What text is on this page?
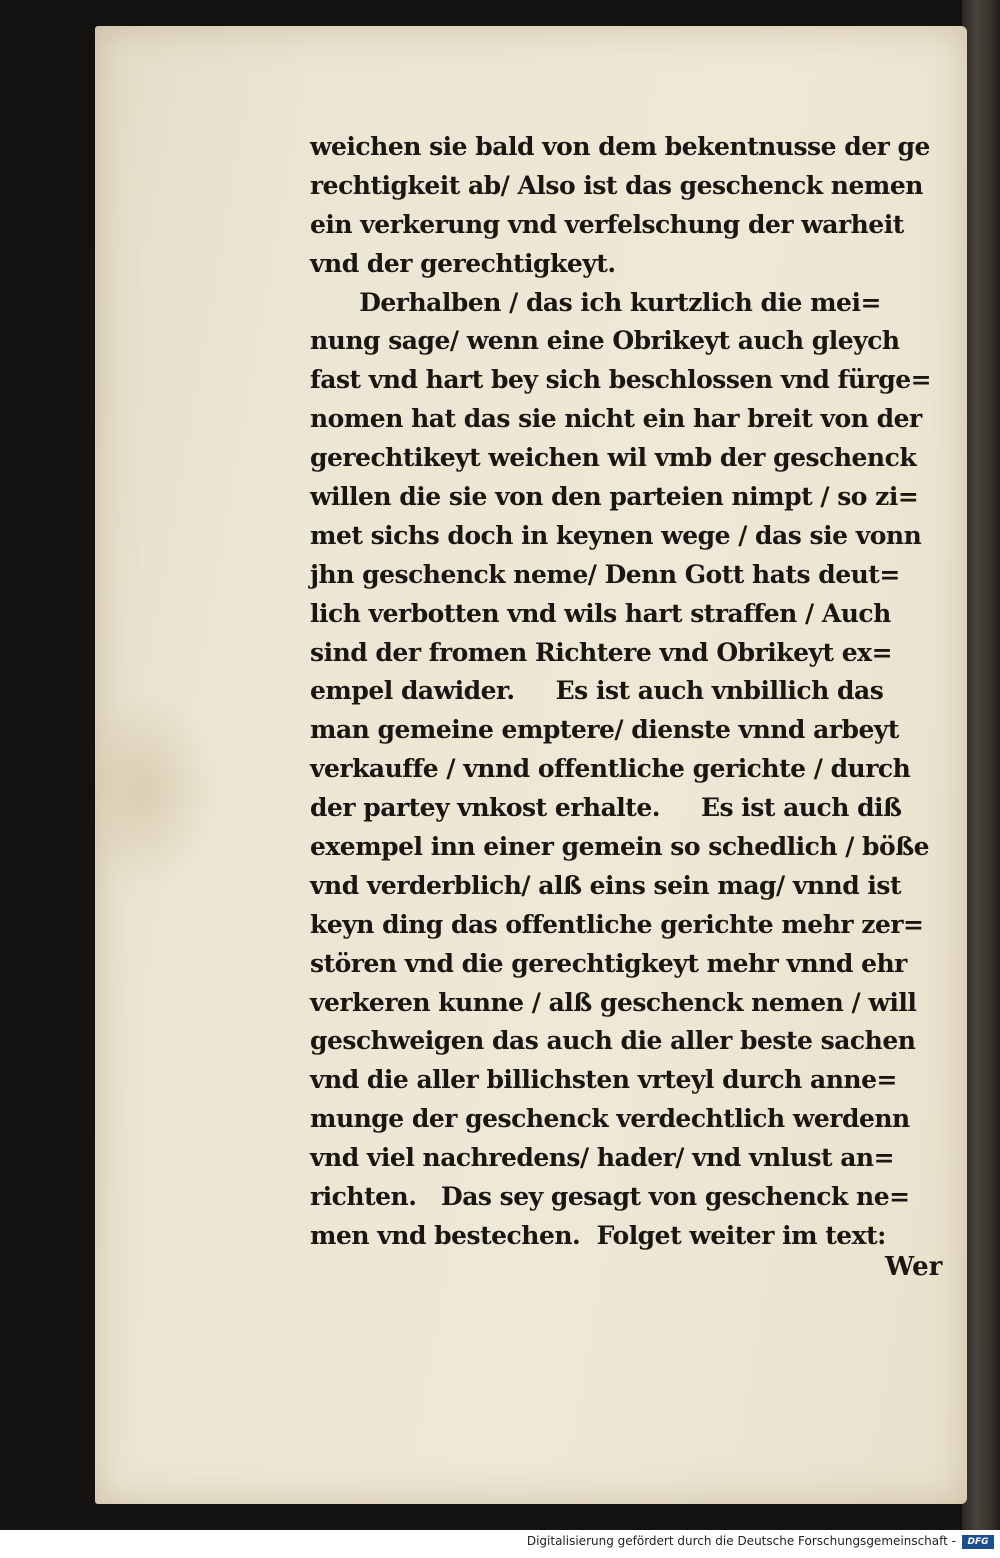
weichen sie bald von dem bekentnusse der ge
rechtigkeit ab/ Also ist das geschenck nemen
ein verkerung vnd verfelschung der warheit
vnd der gerechtigkeyt.
Derhalben / das ich kurtzlich die mei=
nung sage/ wenn eine Obrikeyt auch gleych
fast vnd hart bey sich beschlossen vnd fürge=
nomen hat das sie nicht ein har breit von der
gerechtikeyt weichen wil vmb der geschenck
willen die sie von den parteien nimpt / so zi=
met sichs doch in keynen wege / das sie vonn
jhn geschenck neme/ Denn Gott hats deut=
lich verbotten vnd wils hart straffen / Auch
sind der fromen Richtere vnd Obrikeyt ex=
empel dawider.     Es ist auch vnbillich das
man gemeine emptere/ dienste vnnd arbeyt
verkauffe / vnnd offentliche gerichte / durch
der partey vnkost erhalte.     Es ist auch diß
exempel inn einer gemein so schedlich / böße
vnd verderblich/ alß eins sein mag/ vnnd ist
keyn ding das offentliche gerichte mehr zer=
stören vnd die gerechtigkeyt mehr vnnd ehr
verkeren kunne / alß geschenck nemen / will
geschweigen das auch die aller beste sachen
vnd die aller billichsten vrteyl durch anne=
munge der geschenck verdechtlich werdenn
vnd viel nachredens/ hader/ vnd vnlust an=
richten.   Das sey gesagt von geschenck ne=
men vnd bestechen.  Folget weiter im text:
Wer
Digitalisierung gefördert durch die Deutsche Forschungsgemeinschaft -	DFG
